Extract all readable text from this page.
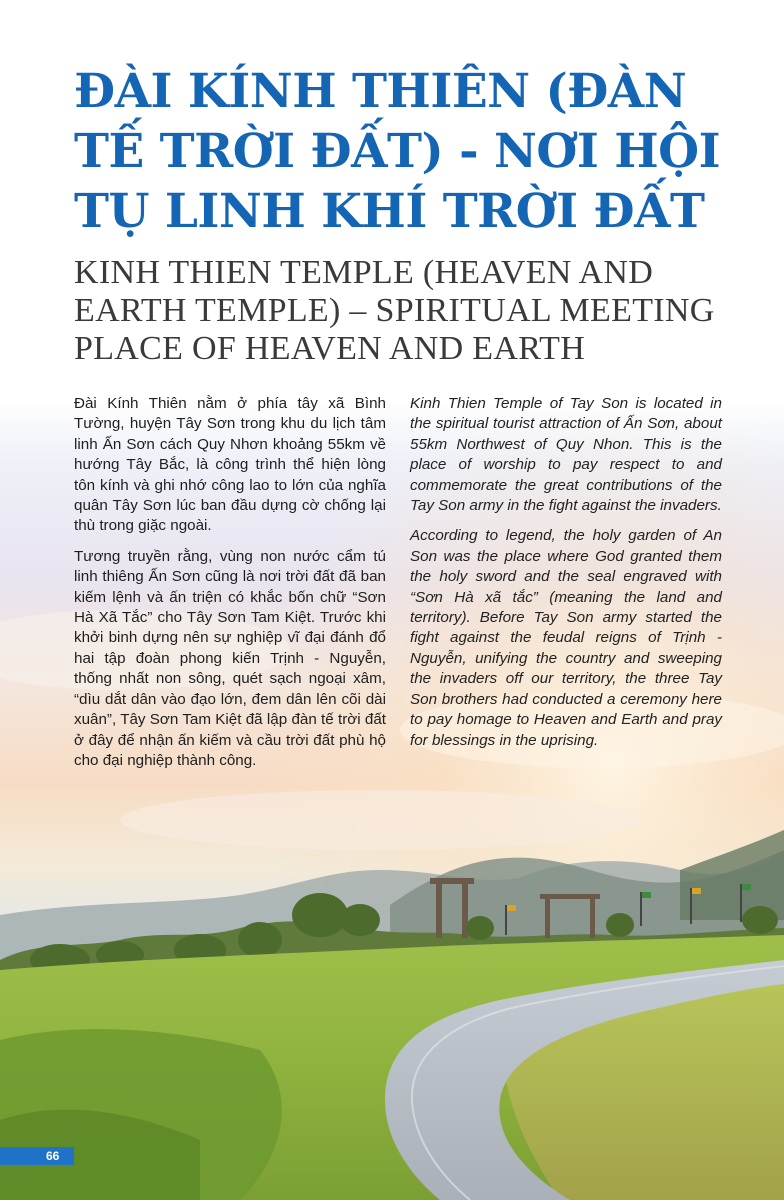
ĐÀI KÍNH THIÊN (ĐÀN TẾ TRỜI ĐẤT) - NƠI HỘI TỤ LINH KHÍ TRỜI ĐẤT
KINH THIEN TEMPLE (HEAVEN AND EARTH TEMPLE) – SPIRITUAL MEETING PLACE OF HEAVEN AND EARTH

Đài Kính Thiên nằm ở phía tây xã Bình Tường, huyện Tây Sơn trong khu du lịch tâm linh Ấn Sơn cách Quy Nhơn khoảng 55km về hướng Tây Bắc, là công trình thể hiện lòng tôn kính và ghi nhớ công lao to lớn của nghĩa quân Tây Sơn lúc ban đầu dựng cờ chống lại thù trong giặc ngoài.

Tương truyền rằng, vùng non nước cẩm tú linh thiêng Ấn Sơn cũng là nơi trời đất đã ban kiếm lệnh và ấn triện có khắc bốn chữ “Sơn Hà Xã Tắc” cho Tây Sơn Tam Kiệt. Trước khi khởi binh dựng nên sự nghiệp vĩ đại đánh đổ hai tập đoàn phong kiến Trịnh - Nguyễn, thống nhất non sông, quét sạch ngoại xâm, “dìu dắt dân vào đạo lớn, đem dân lên cõi dài xuân”, Tây Sơn Tam Kiệt đã lập đàn tế trời đất ở đây để nhận ấn kiếm và cầu trời đất phù hộ cho đại nghiệp thành công.

Kinh Thien Temple of Tay Son is located in the spiritual tourist attraction of Ấn Sơn, about 55km Northwest of Quy Nhon. This is the place of worship to pay respect to and commemorate the great contributions of the Tay Son army in the fight against the invaders.

According to legend, the holy garden of An Son was the place where God granted them the holy sword and the seal engraved with “Sơn Hà xã tắc” (meaning the land and territory). Before Tay Son army started the fight against the feudal reigns of Trịnh - Nguyễn, unifying the country and sweeping the invaders off our territory, the three Tay Son brothers had conducted a ceremony here to pay homage to Heaven and Earth and pray for blessings in the uprising.

66
